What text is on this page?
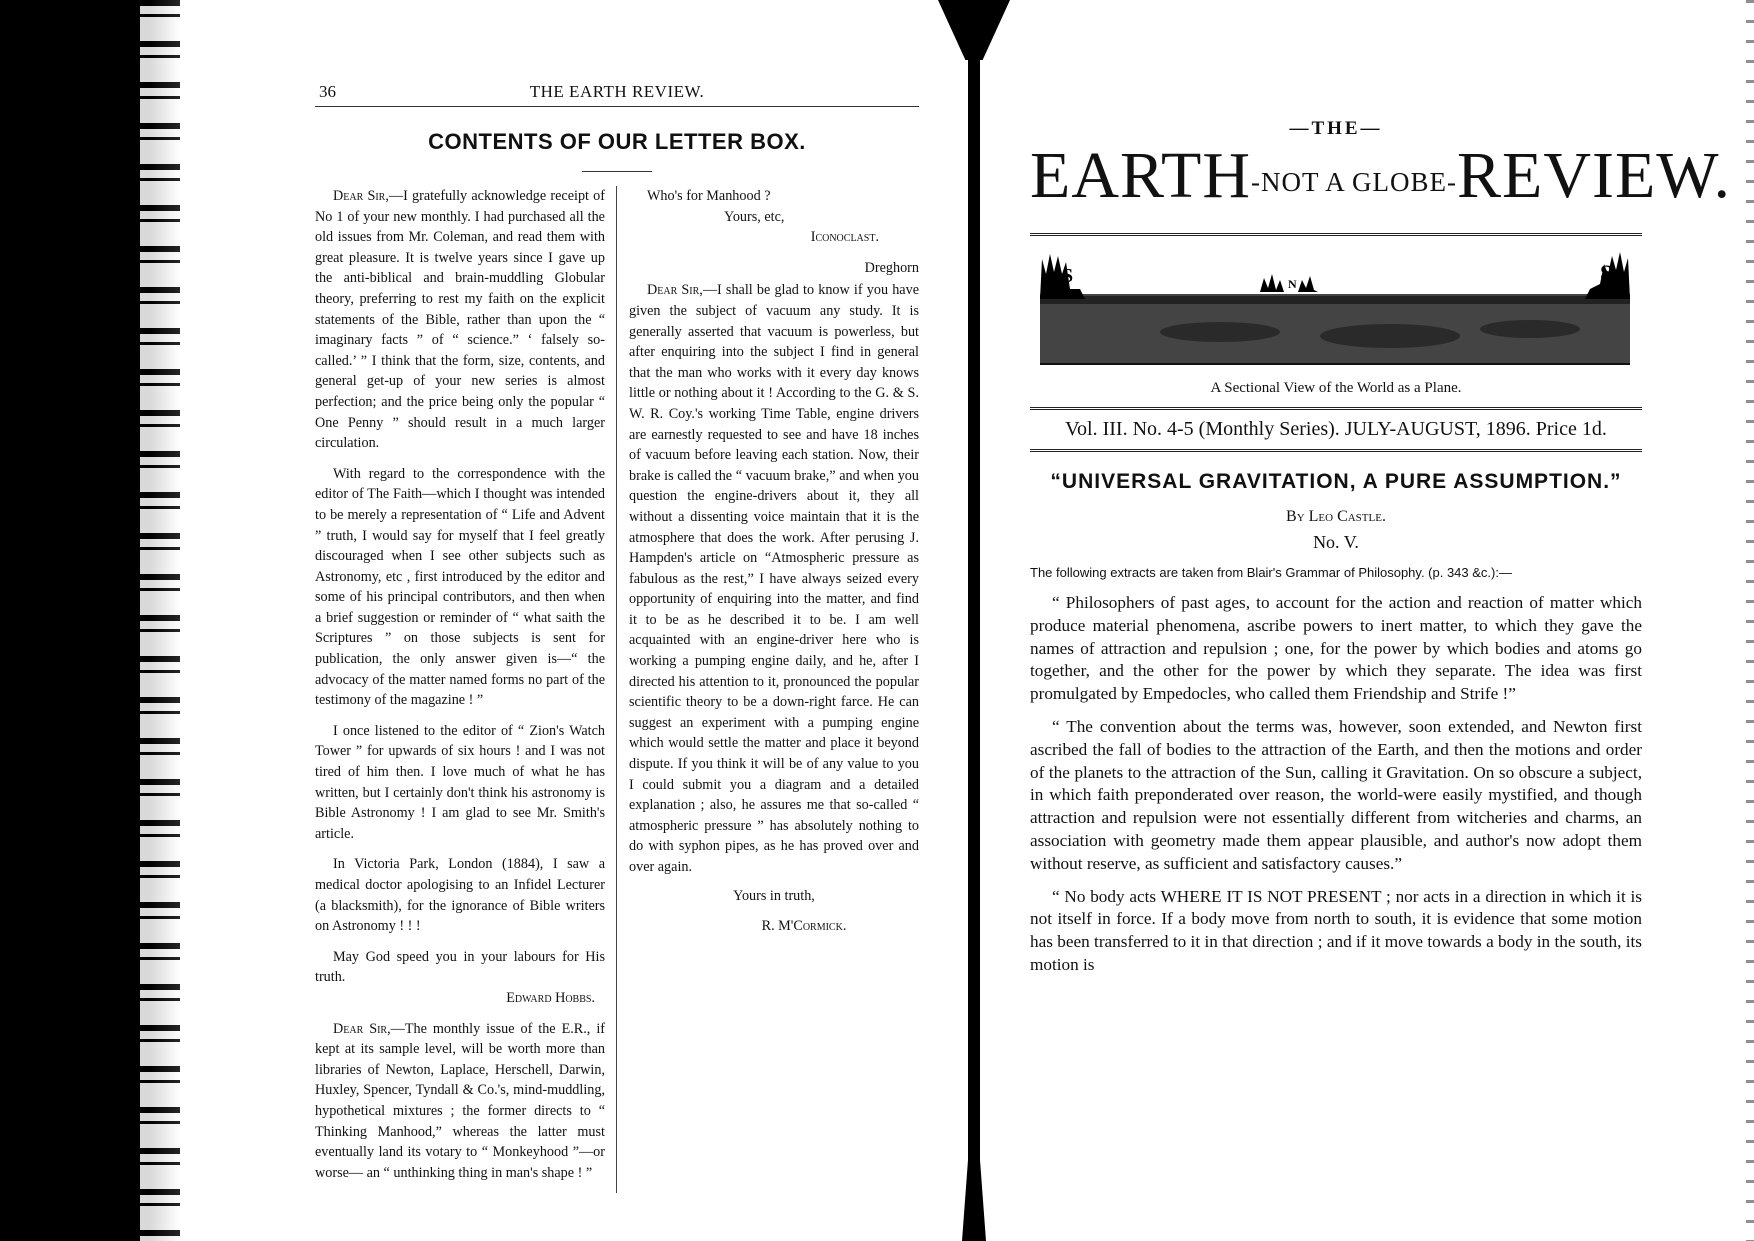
36	THE EARTH REVIEW.
CONTENTS OF OUR LETTER BOX.

Dear Sir,—I gratefully acknowledge receipt of No 1 of your new monthly. I had purchased all the old issues from Mr. Coleman, and read them with great pleasure. It is twelve years since I gave up the anti-biblical and brain-muddling Globular theory, preferring to rest my faith on the explicit statements of the Bible, rather than upon the “ imaginary facts ” of “ science.” ‘ falsely so-called.’ ” I think that the form, size, contents, and general get-up of your new series is almost perfection; and the price being only the popular “ One Penny ” should result in a much larger circulation.

With regard to the correspondence with the editor of The Faith—which I thought was intended to be merely a representation of “ Life and Advent ” truth, I would say for myself that I feel greatly discouraged when I see other subjects such as Astronomy, etc , first introduced by the editor and some of his principal contributors, and then when a brief suggestion or reminder of “ what saith the Scriptures ” on those subjects is sent for publication, the only answer given is—“ the advocacy of the matter named forms no part of the testimony of the magazine ! ”

I once listened to the editor of “ Zion's Watch Tower ” for upwards of six hours ! and I was not tired of him then. I love much of what he has written, but I certainly don't think his astronomy is Bible Astronomy ! I am glad to see Mr. Smith's article.

In Victoria Park, London (1884), I saw a medical doctor apologising to an Infidel Lecturer (a blacksmith), for the ignorance of Bible writers on Astronomy ! ! !

May God speed you in your labours for His truth.

Edward Hobbs.

Dear Sir,—The monthly issue of the E.R., if kept at its sample level, will be worth more than libraries of Newton, Laplace, Herschell, Darwin, Huxley, Spencer, Tyndall & Co.'s, mind-muddling, hypothetical mixtures ; the former directs to “ Thinking Manhood,” whereas the latter must eventually land its votary to “ Monkeyhood ”—or worse— an “ unthinking thing in man's shape ! ”

Who's for Manhood ?

Yours, etc,

Iconoclast.

Dreghorn

Dear Sir,—I shall be glad to know if you have given the subject of vacuum any study. It is generally asserted that vacuum is powerless, but after enquiring into the subject I find in general that the man who works with it every day knows little or nothing about it ! According to the G. & S. W. R. Coy.'s working Time Table, engine drivers are earnestly requested to see and have 18 inches of vacuum before leaving each station. Now, their brake is called the “ vacuum brake,” and when you question the engine-drivers about it, they all without a dissenting voice maintain that it is the atmosphere that does the work. After perusing J. Hampden's article on “Atmospheric pressure as fabulous as the rest,” I have always seized every opportunity of enquiring into the matter, and find it to be as he described it to be. I am well acquainted with an engine-driver here who is working a pumping engine daily, and he, after I directed his attention to it, pronounced the popular scientific theory to be a down-right farce. He can suggest an experiment with a pumping engine which would settle the matter and place it beyond dispute. If you think it will be of any value to you I could submit you a diagram and a detailed explanation ; also, he assures me that so-called “ atmospheric pressure ” has absolutely nothing to do with syphon pipes, as he has proved over and over again.

Yours in truth,

R. M'Cormick.

—THE—
EARTH-NOT A GLOBE-REVIEW.
S	N	S
A Sectional View of the World as a Plane.
Vol. III. No. 4-5 (Monthly Series). JULY-AUGUST, 1896. Price 1d.
“UNIVERSAL GRAVITATION, A PURE ASSUMPTION.”
By Leo Castle.
No. V.
The following extracts are taken from Blair's Grammar of Philosophy. (p. 343 &c.):—

“ Philosophers of past ages, to account for the action and reaction of matter which produce material phenomena, ascribe powers to inert matter, to which they gave the names of attraction and repulsion ; one, for the power by which bodies and atoms go together, and the other for the power by which they separate. The idea was first promulgated by Empedocles, who called them Friendship and Strife !”

“ The convention about the terms was, however, soon extended, and Newton first ascribed the fall of bodies to the attraction of the Earth, and then the motions and order of the planets to the attraction of the Sun, calling it Gravitation. On so obscure a subject, in which faith preponderated over reason, the world-were easily mystified, and though attraction and repulsion were not essentially different from witcheries and charms, an association with geometry made them appear plausible, and author's now adopt them without reserve, as sufficient and satisfactory causes.”

“ No body acts WHERE IT IS NOT PRESENT ; nor acts in a direction in which it is not itself in force. If a body move from north to south, it is evidence that some motion has been transferred to it in that direction ; and if it move towards a body in the south, its motion is
